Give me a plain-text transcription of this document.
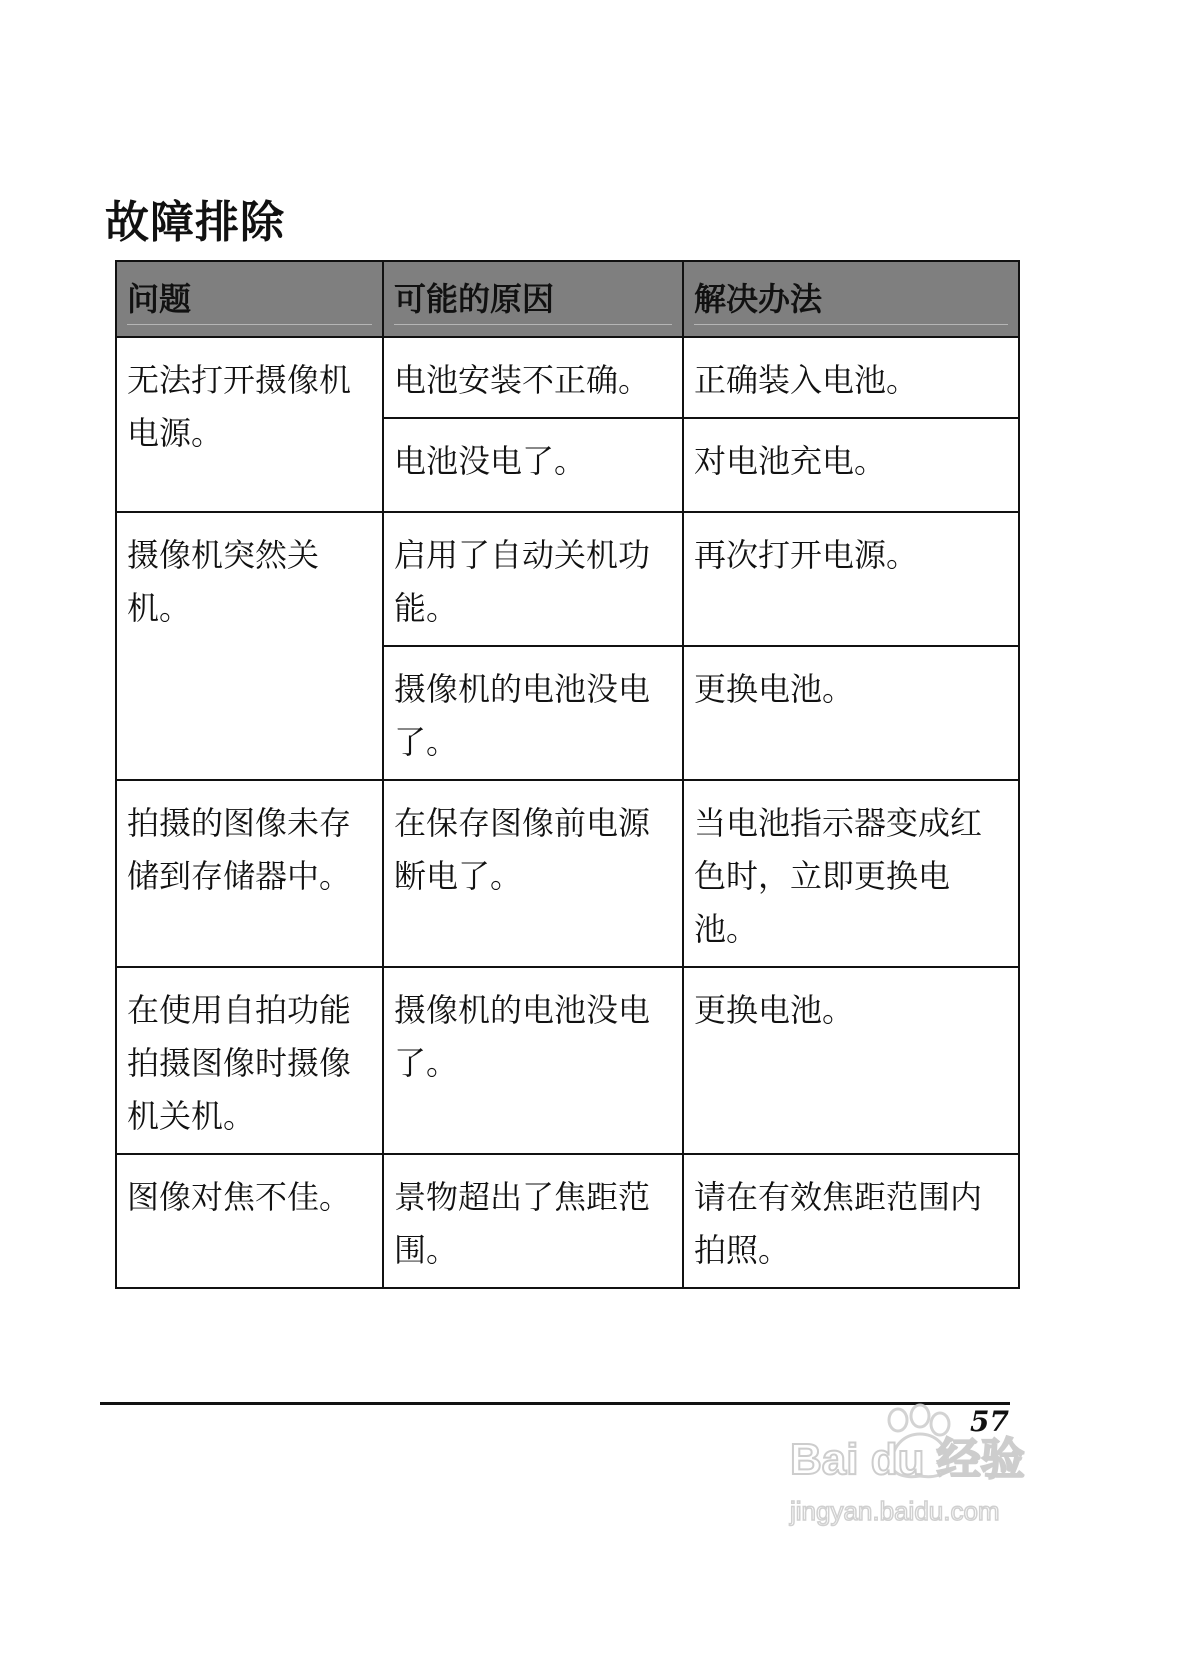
故障排除
问题	可能的原因	解决办法

无法打开摄像机电源。	电池安装不正确。	正确装入电池。
	电池没电了。	对电池充电。
摄像机突然关机。	启用了自动关机功能。	再次打开电源。
	摄像机的电池没电了。	更换电池。
拍摄的图像未存储到存储器中。	在保存图像前电源断电了。	当电池指示器变成红色时，立即更换电池。
在使用自拍功能拍摄图像时摄像机关机。	摄像机的电池没电了。	更换电池。
图像对焦不佳。	景物超出了焦距范围。	请在有效焦距范围内拍照。
Bai du 经验
jingyan.baidu.com
57
